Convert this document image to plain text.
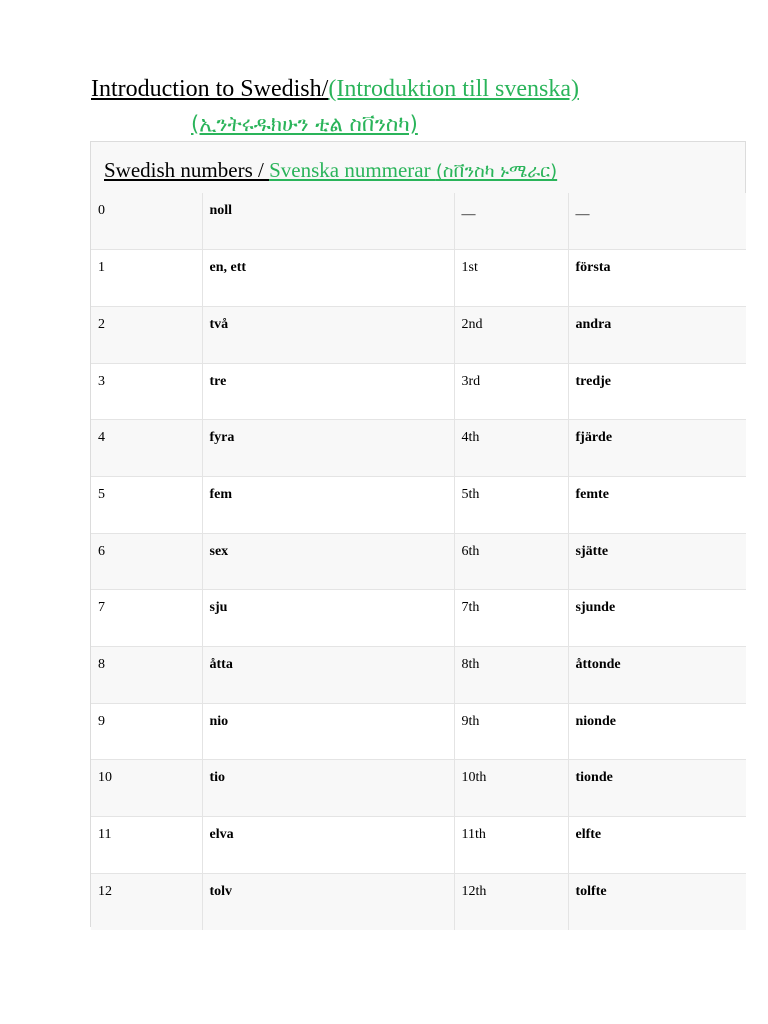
Introduction to Swedish/(Introduktion till svenska)
(ኢንትሩዱክሁን ቲል ስቨንስካ)
Swedish numbers / Svenska nummerar (ስቨንስካ ኑሜራር)
0	noll	—	—
1	en, ett	1st	första
2	två	2nd	andra
3	tre	3rd	tredje
4	fyra	4th	fjärde
5	fem	5th	femte
6	sex	6th	sjätte
7	sju	7th	sjunde
8	åtta	8th	åttonde
9	nio	9th	nionde
10	tio	10th	tionde
11	elva	11th	elfte
12	tolv	12th	tolfte
